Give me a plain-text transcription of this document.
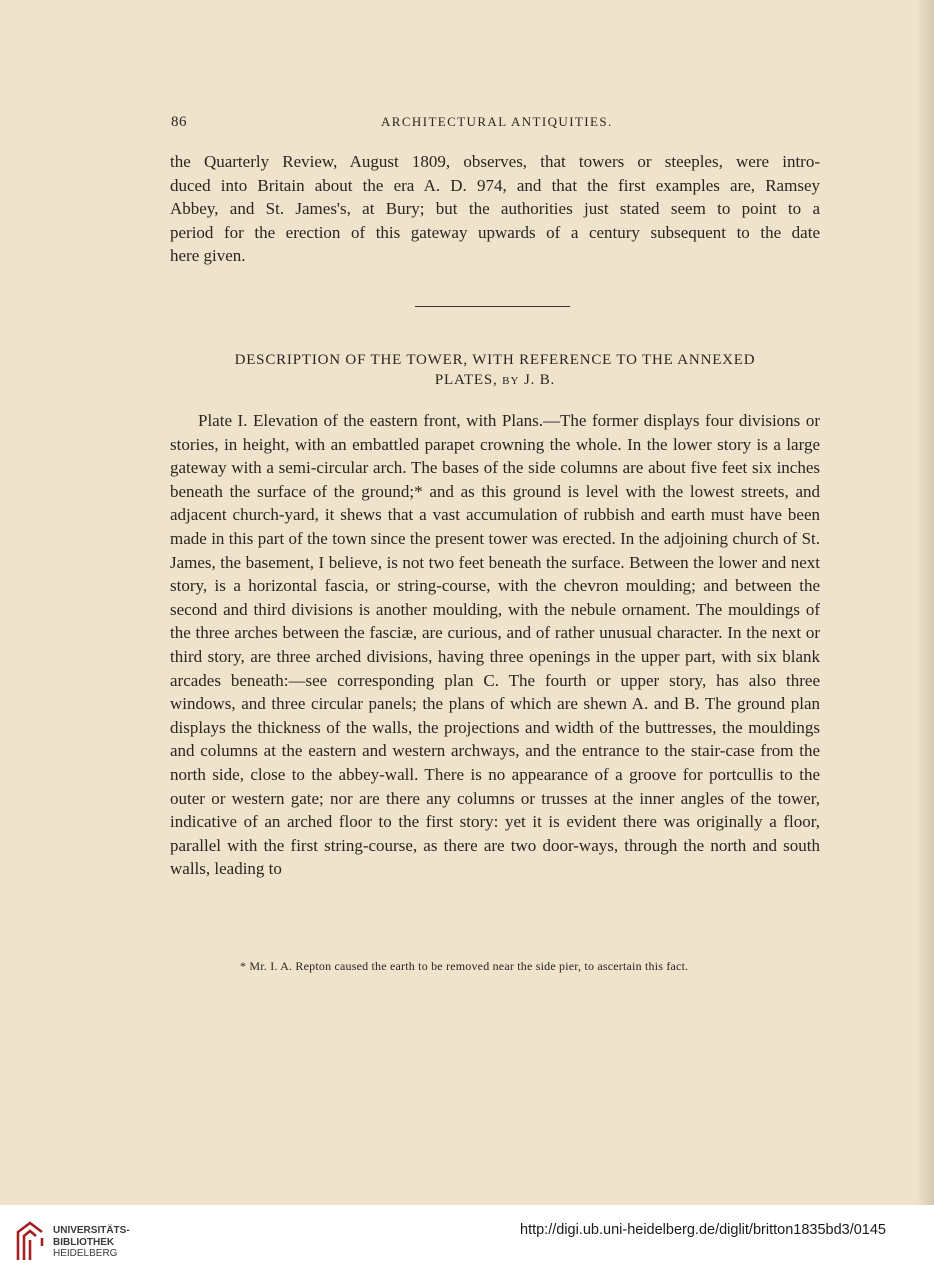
86	ARCHITECTURAL ANTIQUITIES.

the Quarterly Review, August 1809, observes, that towers or steeples, were intro-

duced into Britain about the era A. D. 974, and that the first examples are, Ramsey

Abbey, and St. James's, at Bury; but the authorities just stated seem to point to a

period for the erection of this gateway upwards of a century subsequent to the date

here given.

DESCRIPTION OF THE TOWER, WITH REFERENCE TO THE ANNEXED
PLATES, BY J. B.

Plate I. Elevation of the eastern front, with Plans.—The former displays four divisions or stories, in height, with an embattled parapet crowning the whole. In the lower story is a large gateway with a semi-circular arch. The bases of the side columns are about five feet six inches beneath the surface of the ground;* and as this ground is level with the lowest streets, and adjacent church-yard, it shews that a vast accumulation of rubbish and earth must have been made in this part of the town since the present tower was erected. In the adjoining church of St. James, the basement, I believe, is not two feet beneath the surface. Between the lower and next story, is a horizontal fascia, or string-course, with the chevron moulding; and between the second and third divisions is another moulding, with the nebule ornament. The mouldings of the three arches between the fasciæ, are curious, and of rather unusual character. In the next or third story, are three arched divisions, having three openings in the upper part, with six blank arcades beneath:—see corresponding plan C. The fourth or upper story, has also three windows, and three circular panels; the plans of which are shewn A. and B. The ground plan displays the thickness of the walls, the projections and width of the buttresses, the mouldings and columns at the eastern and western archways, and the entrance to the stair-case from the north side, close to the abbey-wall. There is no appearance of a groove for portcullis to the outer or western gate; nor are there any columns or trusses at the inner angles of the tower, indicative of an arched floor to the first story: yet it is evident there was originally a floor, parallel with the first string-course, as there are two door-ways, through the north and south walls, leading to

* Mr. I. A. Repton caused the earth to be removed near the side pier, to ascertain this fact.
UNIVERSITÄTS-
BIBLIOTHEK
HEIDELBERG
http://digi.ub.uni-heidelberg.de/diglit/britton1835bd3/0145
